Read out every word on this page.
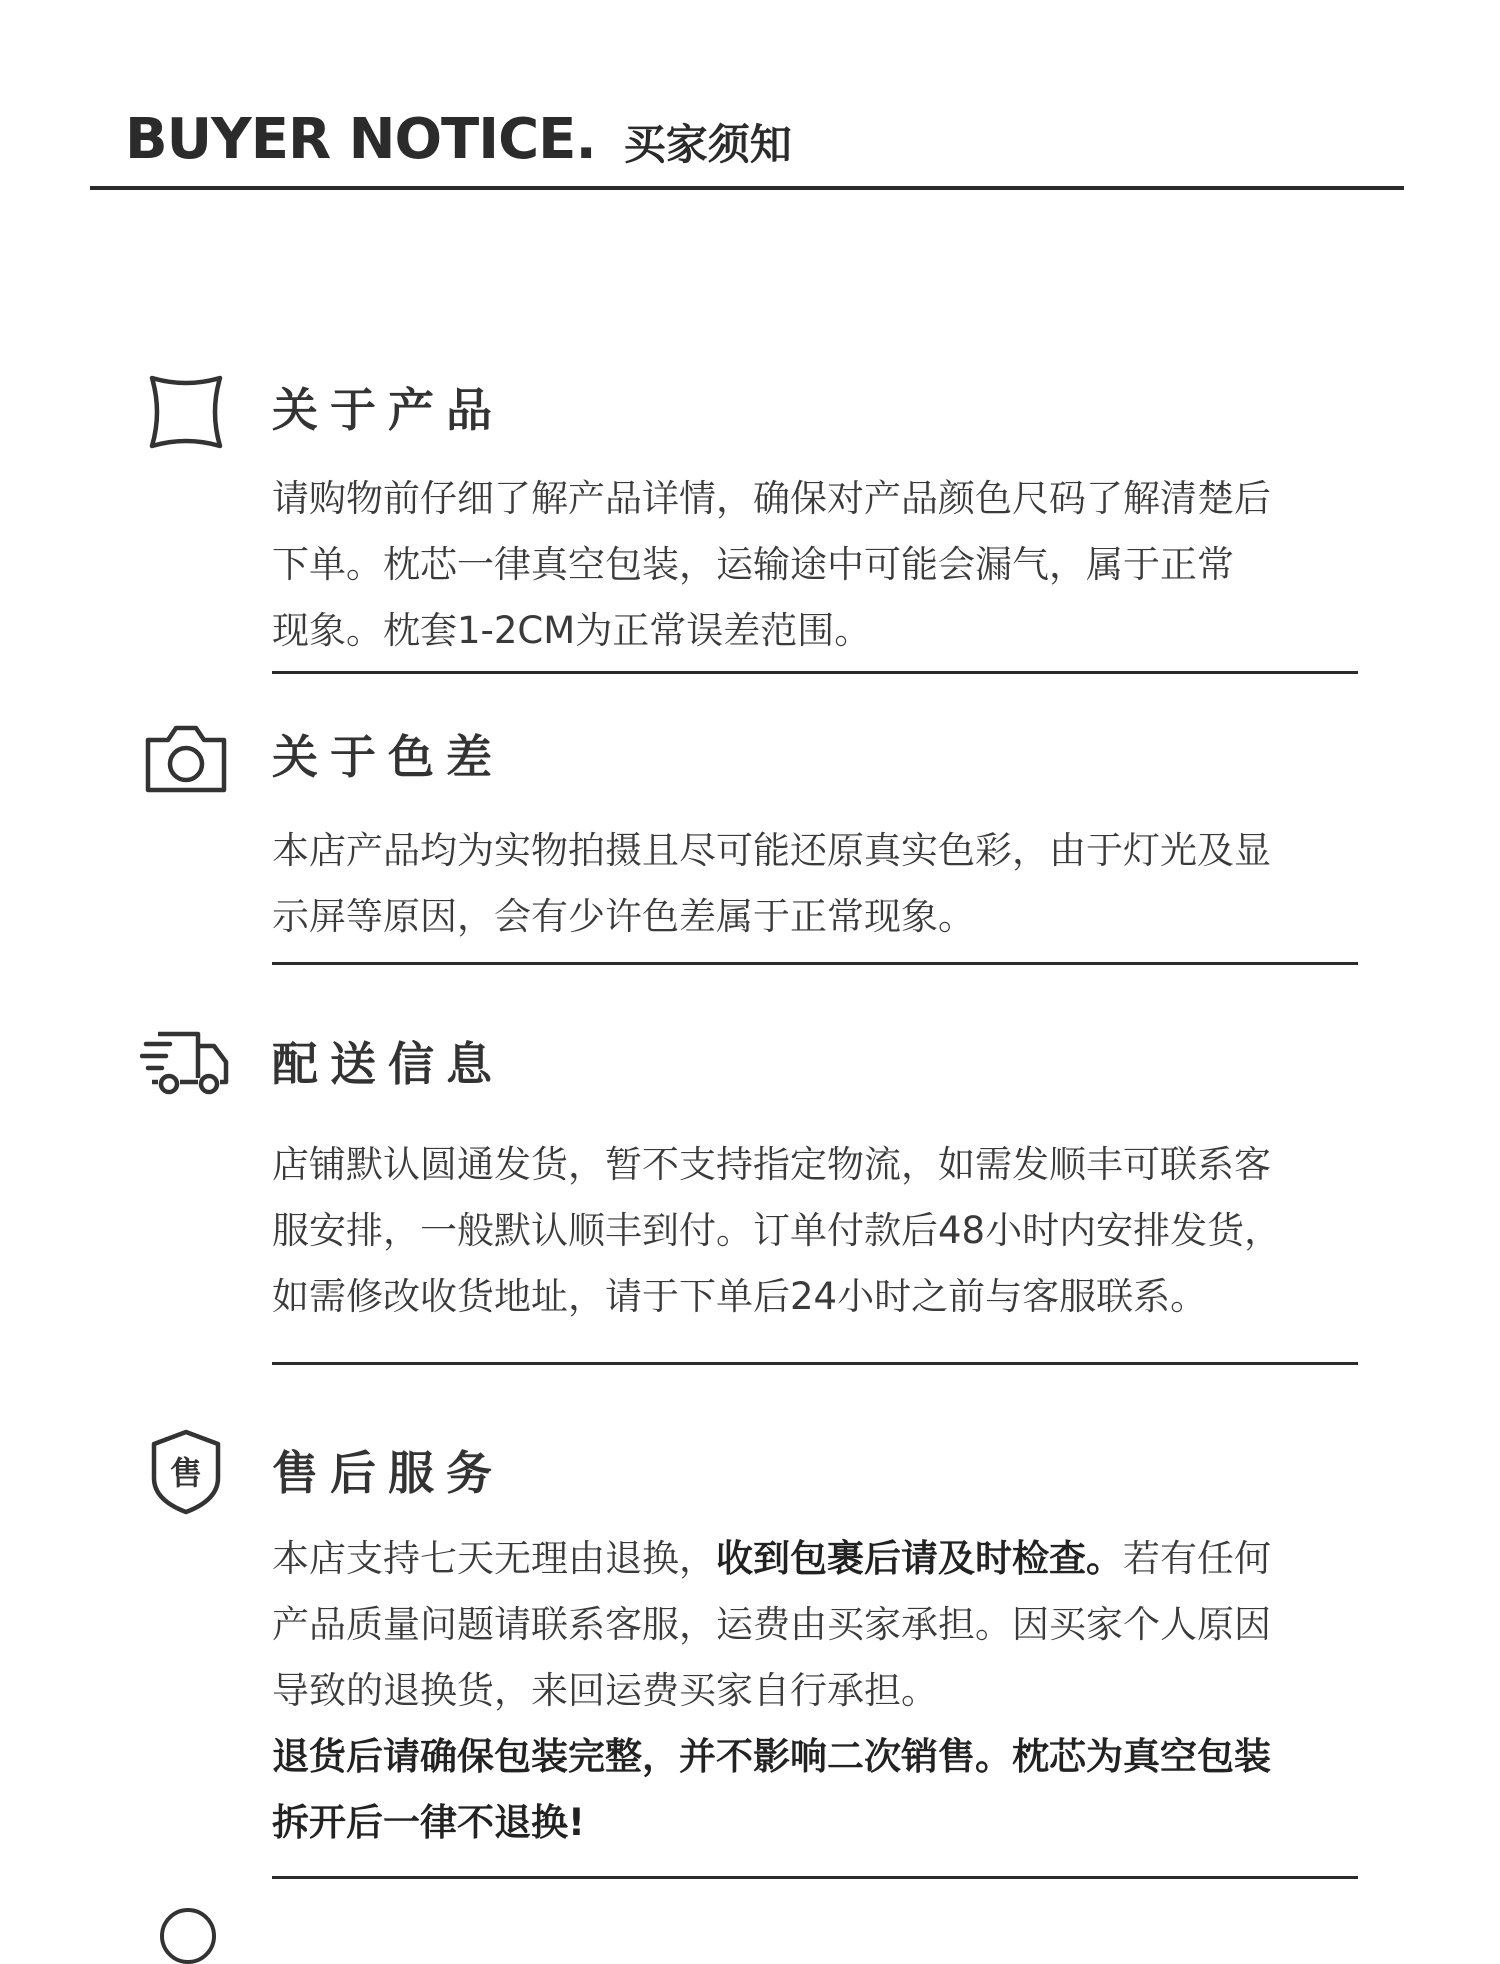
BUYER NOTICE. 买家须知
关于产品
请购物前仔细了解产品详情，确保对产品颜色尺码了解清楚后
下单。枕芯一律真空包装，运输途中可能会漏气，属于正常
现象。枕套1-2CM为正常误差范围。
关于色差
本店产品均为实物拍摄且尽可能还原真实色彩，由于灯光及显
示屏等原因，会有少许色差属于正常现象。
配送信息
店铺默认圆通发货，暂不支持指定物流，如需发顺丰可联系客
服安排，一般默认顺丰到付。订单付款后48小时内安排发货，
如需修改收货地址，请于下单后24小时之前与客服联系。
售 售后服务
本店支持七天无理由退换，收到包裹后请及时检查。若有任何
产品质量问题请联系客服，运费由买家承担。因买家个人原因
导致的退换货，来回运费买家自行承担。
退货后请确保包装完整，并不影响二次销售。枕芯为真空包装
拆开后一律不退换!
